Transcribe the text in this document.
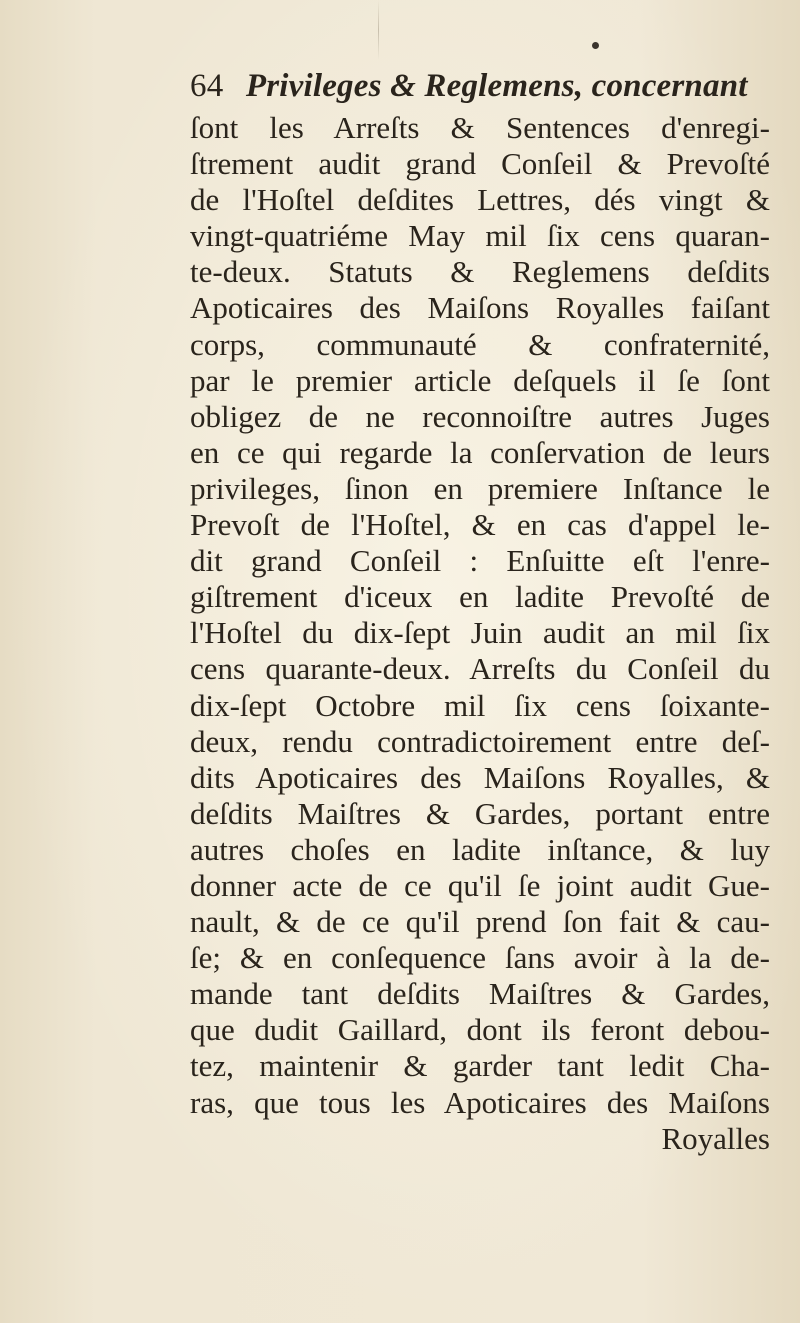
64 Privileges & Reglemens, concernant
ſont les Arreſts & Sentences d'enregi-
ſtrement audit grand Conſeil & Prevoſté
de l'Hoſtel deſdites Lettres, dés vingt &
vingt-quatriéme May mil ſix cens quaran-
te-deux. Statuts & Reglemens deſdits
Apoticaires des Maiſons Royalles faiſant
corps, communauté & confraternité,
par le premier article deſquels il ſe ſont
obligez de ne reconnoiſtre autres Juges
en ce qui regarde la conſervation de leurs
privileges, ſinon en premiere Inſtance le
Prevoſt de l'Hoſtel, & en cas d'appel le-
dit grand Conſeil : Enſuitte eſt l'enre-
giſtrement d'iceux en ladite Prevoſté de
l'Hoſtel du dix-ſept Juin audit an mil ſix
cens quarante-deux. Arreſts du Conſeil du
dix-ſept Octobre mil ſix cens ſoixante-
deux, rendu contradictoirement entre deſ-
dits Apoticaires des Maiſons Royalles, &
deſdits Maiſtres & Gardes, portant entre
autres choſes en ladite inſtance, & luy
donner acte de ce qu'il ſe joint audit Gue-
nault, & de ce qu'il prend ſon fait & cau-
ſe; & en conſequence ſans avoir à la de-
mande tant deſdits Maiſtres & Gardes,
que dudit Gaillard, dont ils feront debou-
tez, maintenir & garder tant ledit Cha-
ras, que tous les Apoticaires des Maiſons
Royalles
